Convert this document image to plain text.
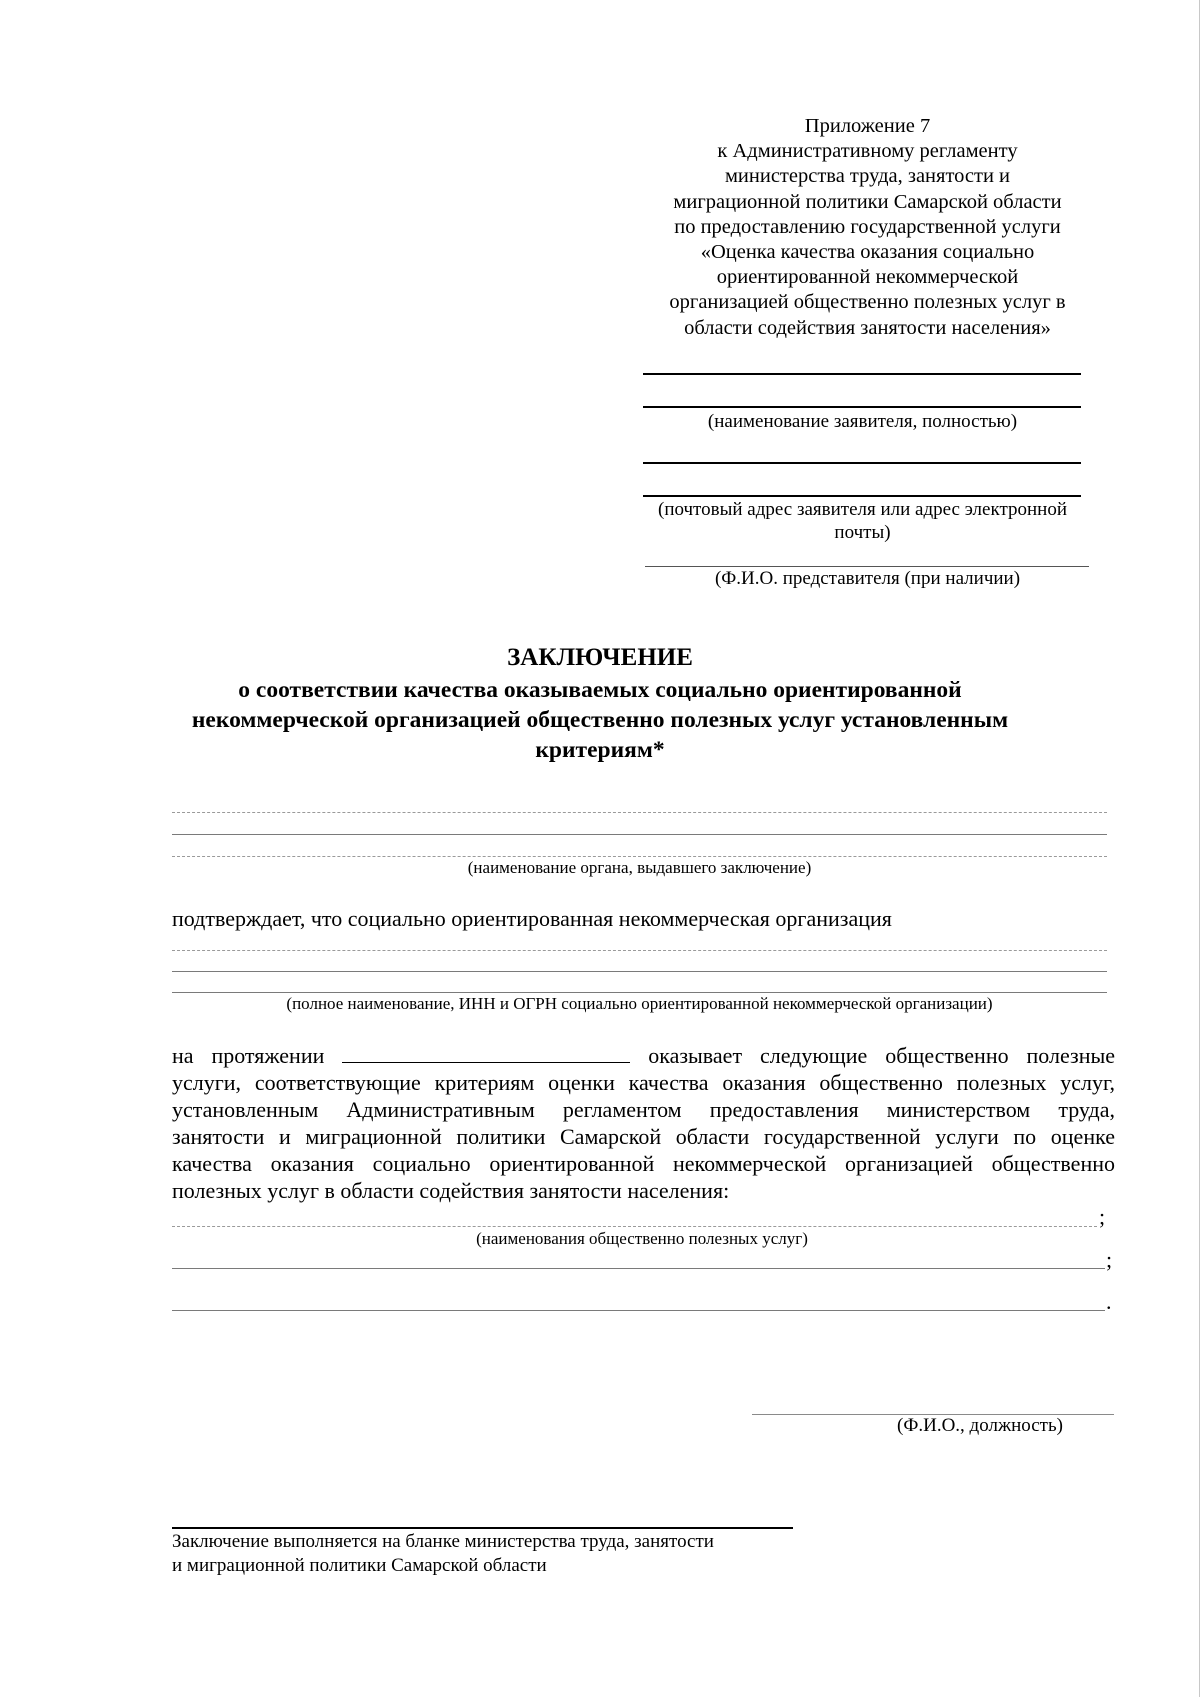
Приложение 7
к Административному регламенту
министерства труда, занятости и
миграционной политики Самарской области
по предоставлению государственной услуги
«Оценка качества оказания социально
ориентированной некоммерческой
организацией общественно полезных услуг в
области содействия занятости населения»
(наименование заявителя, полностью)
(почтовый адрес заявителя или адрес электронной
почты)
(Ф.И.О. представителя (при наличии)
ЗАКЛЮЧЕНИЕ
о соответствии качества оказываемых социально ориентированной
некоммерческой организацией общественно полезных услуг установленным
критериям*
(наименование органа, выдавшего заключение)
подтверждает, что социально ориентированная некоммерческая организация
(полное наименование, ИНН и ОГРН социально ориентированной некоммерческой организации)
на протяжении	оказывает следующие общественно полезные
услуги, соответствующие критериям оценки качества оказания общественно полезных услуг,
установленным Административным регламентом предоставления министерством труда,
занятости и миграционной политики Самарской области государственной услуги по оценке
качества оказания социально ориентированной некоммерческой организацией общественно
полезных услуг в области содействия занятости населения:
;
(наименования общественно полезных услуг)
;
.
(Ф.И.О., должность)
Заключение выполняется на бланке министерства труда, занятости
и миграционной политики Самарской области
